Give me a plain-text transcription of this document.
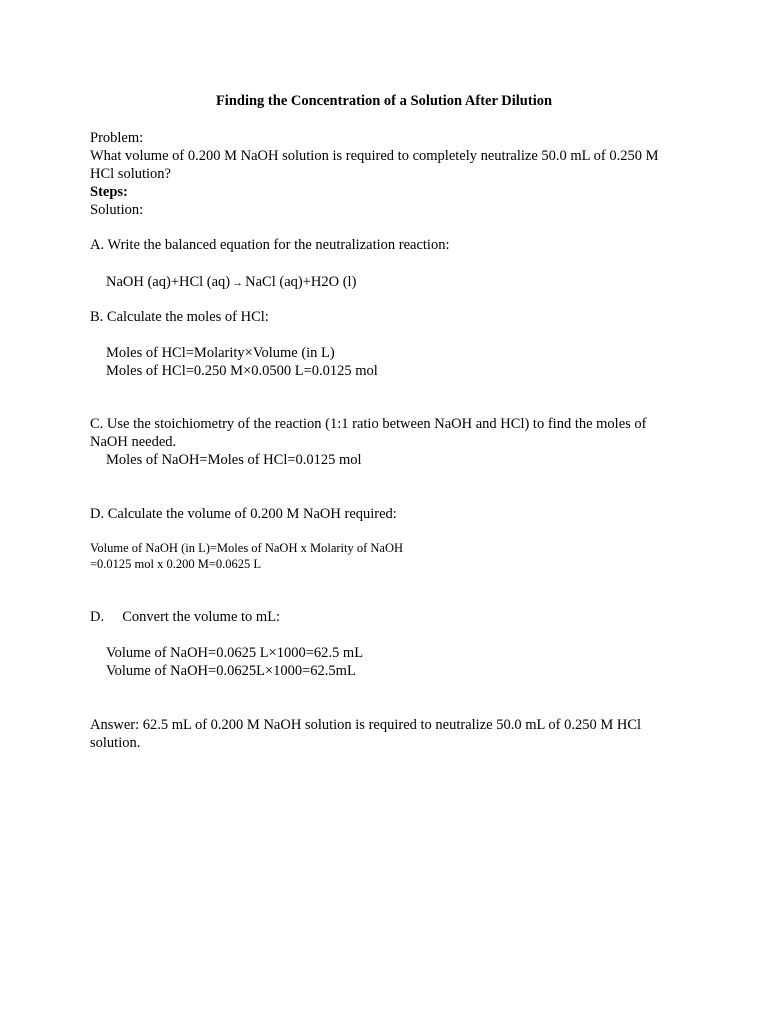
Finding the Concentration of a Solution After Dilution

Problem:

What volume of 0.200 M NaOH solution is required to completely neutralize 50.0 mL of 0.250 M HCl solution?

Steps:

Solution:

A. Write the balanced equation for the neutralization reaction:
NaOH (aq)+HCl (aq) → NaCl (aq)+H2O (l)
B. Calculate the moles of HCl:

Moles of HCl=Molarity×Volume (in L)

Moles of HCl=0.250 M×0.0500 L=0.0125 mol

C. Use the stoichiometry of the reaction (1:1 ratio between NaOH and HCl) to find the moles of NaOH needed.

Moles of NaOH=Moles of HCl=0.0125 mol

D. Calculate the volume of 0.200 M NaOH required:

Volume of NaOH (in L)=Moles of NaOH x Molarity of NaOH

=0.0125 mol x 0.200 M=0.0625 L

D.     Convert the volume to mL:

Volume of NaOH=0.0625 L×1000=62.5 mL

Volume of NaOH=0.0625L×1000=62.5mL

Answer: 62.5 mL of 0.200 M NaOH solution is required to neutralize 50.0 mL of 0.250 M HCl solution.
